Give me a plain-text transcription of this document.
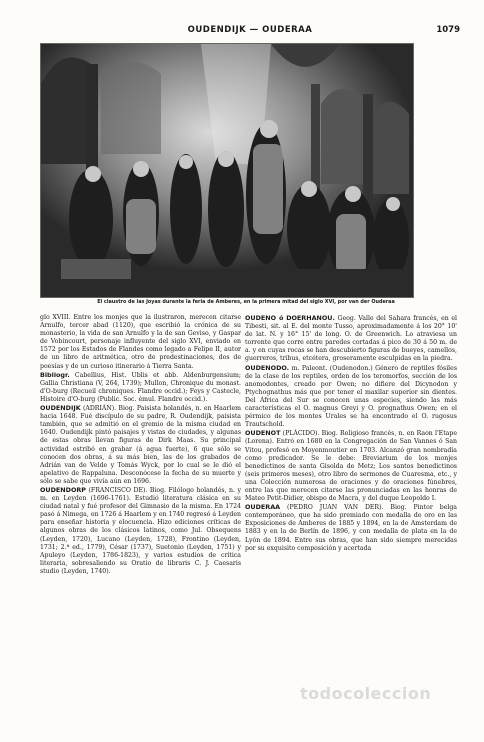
OUDENDIJK — OUDERAA	1079
El claustro de las Joyas durante la feria de Amberes, en la primera mitad del siglo XVI, por van der Ouderaa

glo XVIII. Entre los monjes que la ilustraron, merecen citarse Arnulfo, tercer abad (1120), que escribió la crónica de su monasterio, la vida de san Arnulfo y la de san Geviso, y Gaspar de Vobincourt, personaje influyente del siglo XVI, enviado en 1572 por los Estados de Flandes como legado a Felipe II, autor de un libro de aritmética, otro de predestinaciones, dos de poesías y de un curioso itinerario á Tierra Santa.

Bibliogr. Cabellius, Hist. Ublis et abb. Aldenburgensium; Gallia Christiana (V, 264, 1739); Mullon, Chronique du monast. d'O-burg (Recueil chroniques. Flandre occid.); Feys y Castecle, Histoire d'O-burg (Public. Soc. émul. Flandre occid.).

OUDENDIJK (ADRIÁN). Biog. Paisista holandés, n. en Haarlem hacia 1648. Fué discípulo de su padre, R. Oudendijk, paisista también, que se admitió en el gremio de la misma ciudad en 1640. Oudendijk pintó paisajes y vistas de ciudades, y algunas de estas obras llevan figuras de Dirk Maas. Su principal actividad estribó en grabar (á agua fuerte), 6 que sólo se conocen dos obras, á su más bien, las de los grabados de Adrián van de Velde y Tomás Wyck, por lo cual se le dió el apelativo de Rappaluna. Desconócese la fecha de su muerte y sólo se sabe que vivía aún en 1696.

OUDENDORP (FRANCISCO DE). Biog. Filólogo holandés, n. y m. en Leyden (1696-1761). Estudió literatura clásica en su ciudad natal y fué profesor del Gimnasio de la misma. En 1724 pasó á Nimega, en 1726 á Haarlem y en 1740 regresó á Leyden para enseñar historia y elocuencia. Hizo ediciones críticas de algunos obras de los clásicos latinos, como Jul. Obsequens (Leyden, 1720), Lucano (Leyden, 1728), Frontino (Leyden, 1731; 2.ª ed., 1779), César (1737), Suetonio (Leyden, 1751) y Apuleyo (Leyden, 1786-1823), y varios estudios de crítica literaria, sobresaliendo su Oratio de libraris C. J. Caesaris studio (Leyden, 1740).

OUDENO ó DOERHANOU. Geog. Valle del Sahara francés, en el Tibesti, sit. al E. del monte Tusso, aproximadamente á los 20° 10' de lat. N. y 16° 15' de long. O. de Greenwich. Lo atraviesa un torrente que corre entre paredes cortadas á pico de 30 á 50 m. de a. y en cuyas rocas se han descubierto figuras de bueyes, camellos, guerreros, tribus, etcétera, groseramente esculpidas en la piedra.

OUDENODO. m. Paleont. (Oudenodon.) Género de reptiles fósiles de la clase de los reptiles, orden de los teromorfos, sección de los anomodontes, creado por Owen; no difiere del Dicynodon y Ptychognathus más que por tener el maxilar superior sin dientes. Del África del Sur se conocen unas especies, siendo las más características el O. magnus Greyi y O. prognathus Owen; en el pérmico de los montes Urales se ha encontrado el O. rugosus Trautschold.

OUDENOT (PLÁCIDO). Biog. Religioso francés, n. en Raon l'Etape (Lorena). Entró en 1680 en la Congregación de San Vannes ó San Vitou, profesó en Moyenmoutier en 1703. Alcanzó gran nombradía como predicador. Se le debe: Breviarium de los monjes benedictinos de santa Gisolda de Metz; Los santos benedictinos (seis primeros meses), otro libro de sermones de Cuaresma, etc., y una Colección numerosa de oraciones y de oraciones fúnebres, entre las que merecen citarse las pronunciadas en las honras de Mateo Petit-Didier, obispo de Macra, y del duque Leopoldo I.

OUDERAA (PEDRO JUAN VAN DER). Biog. Pintor belga contemporáneo, que ha sido premiado con medalla de oro en las Exposiciones de Amberes de 1885 y 1894, en la de Amsterdam de 1883 y en la de Berlín de 1896, y con medalla de plata en la de Lyón de 1894. Entre sus obras, que han sido siempre merecidas por su exquisito composición y acertada

todocoleccion
